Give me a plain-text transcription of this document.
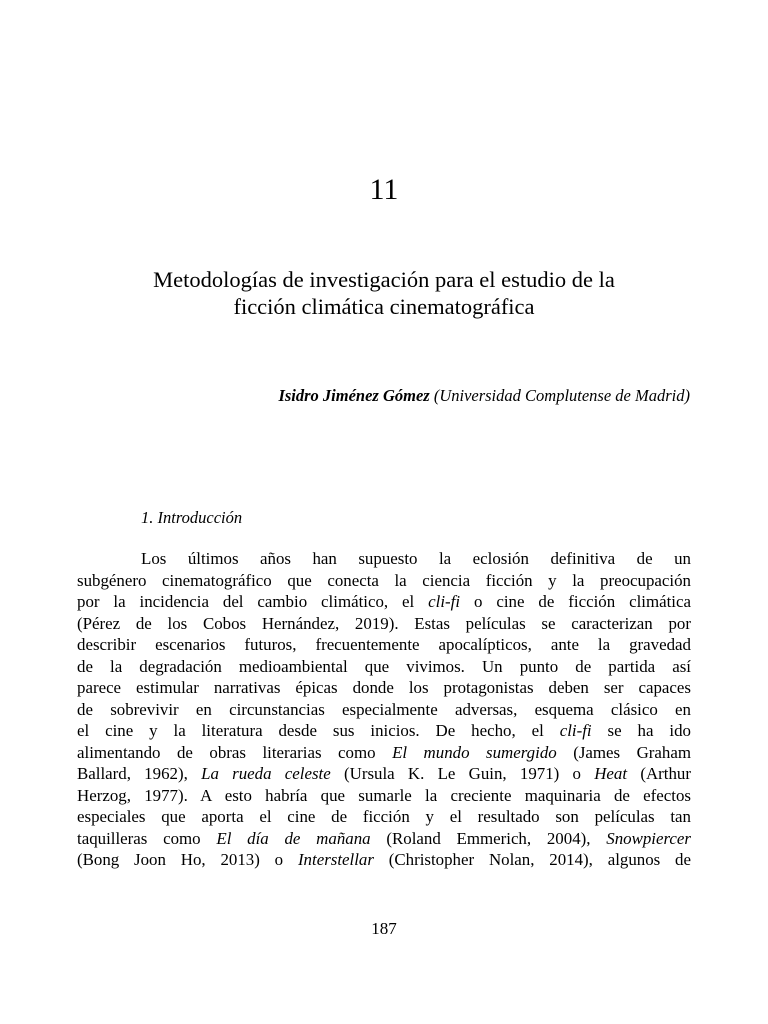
11
Metodologías de investigación para el estudio de la
ficción climática cinematográfica
Isidro Jiménez Gómez (Universidad Complutense de Madrid)
1. Introducción
Los últimos años han supuesto la eclosión definitiva de un
subgénero cinematográfico que conecta la ciencia ficción y la preocupación
por la incidencia del cambio climático, el cli-fi o cine de ficción climática
(Pérez de los Cobos Hernández, 2019). Estas películas se caracterizan por
describir escenarios futuros, frecuentemente apocalípticos, ante la gravedad
de la degradación medioambiental que vivimos. Un punto de partida así
parece estimular narrativas épicas donde los protagonistas deben ser capaces
de sobrevivir en circunstancias especialmente adversas, esquema clásico en
el cine y la literatura desde sus inicios. De hecho, el cli-fi se ha ido
alimentando de obras literarias como El mundo sumergido (James Graham
Ballard, 1962), La rueda celeste (Ursula K. Le Guin, 1971) o Heat (Arthur
Herzog, 1977). A esto habría que sumarle la creciente maquinaria de efectos
especiales que aporta el cine de ficción y el resultado son películas tan
taquilleras como El día de mañana (Roland Emmerich, 2004), Snowpiercer
(Bong Joon Ho, 2013) o Interstellar (Christopher Nolan, 2014), algunos de
187
